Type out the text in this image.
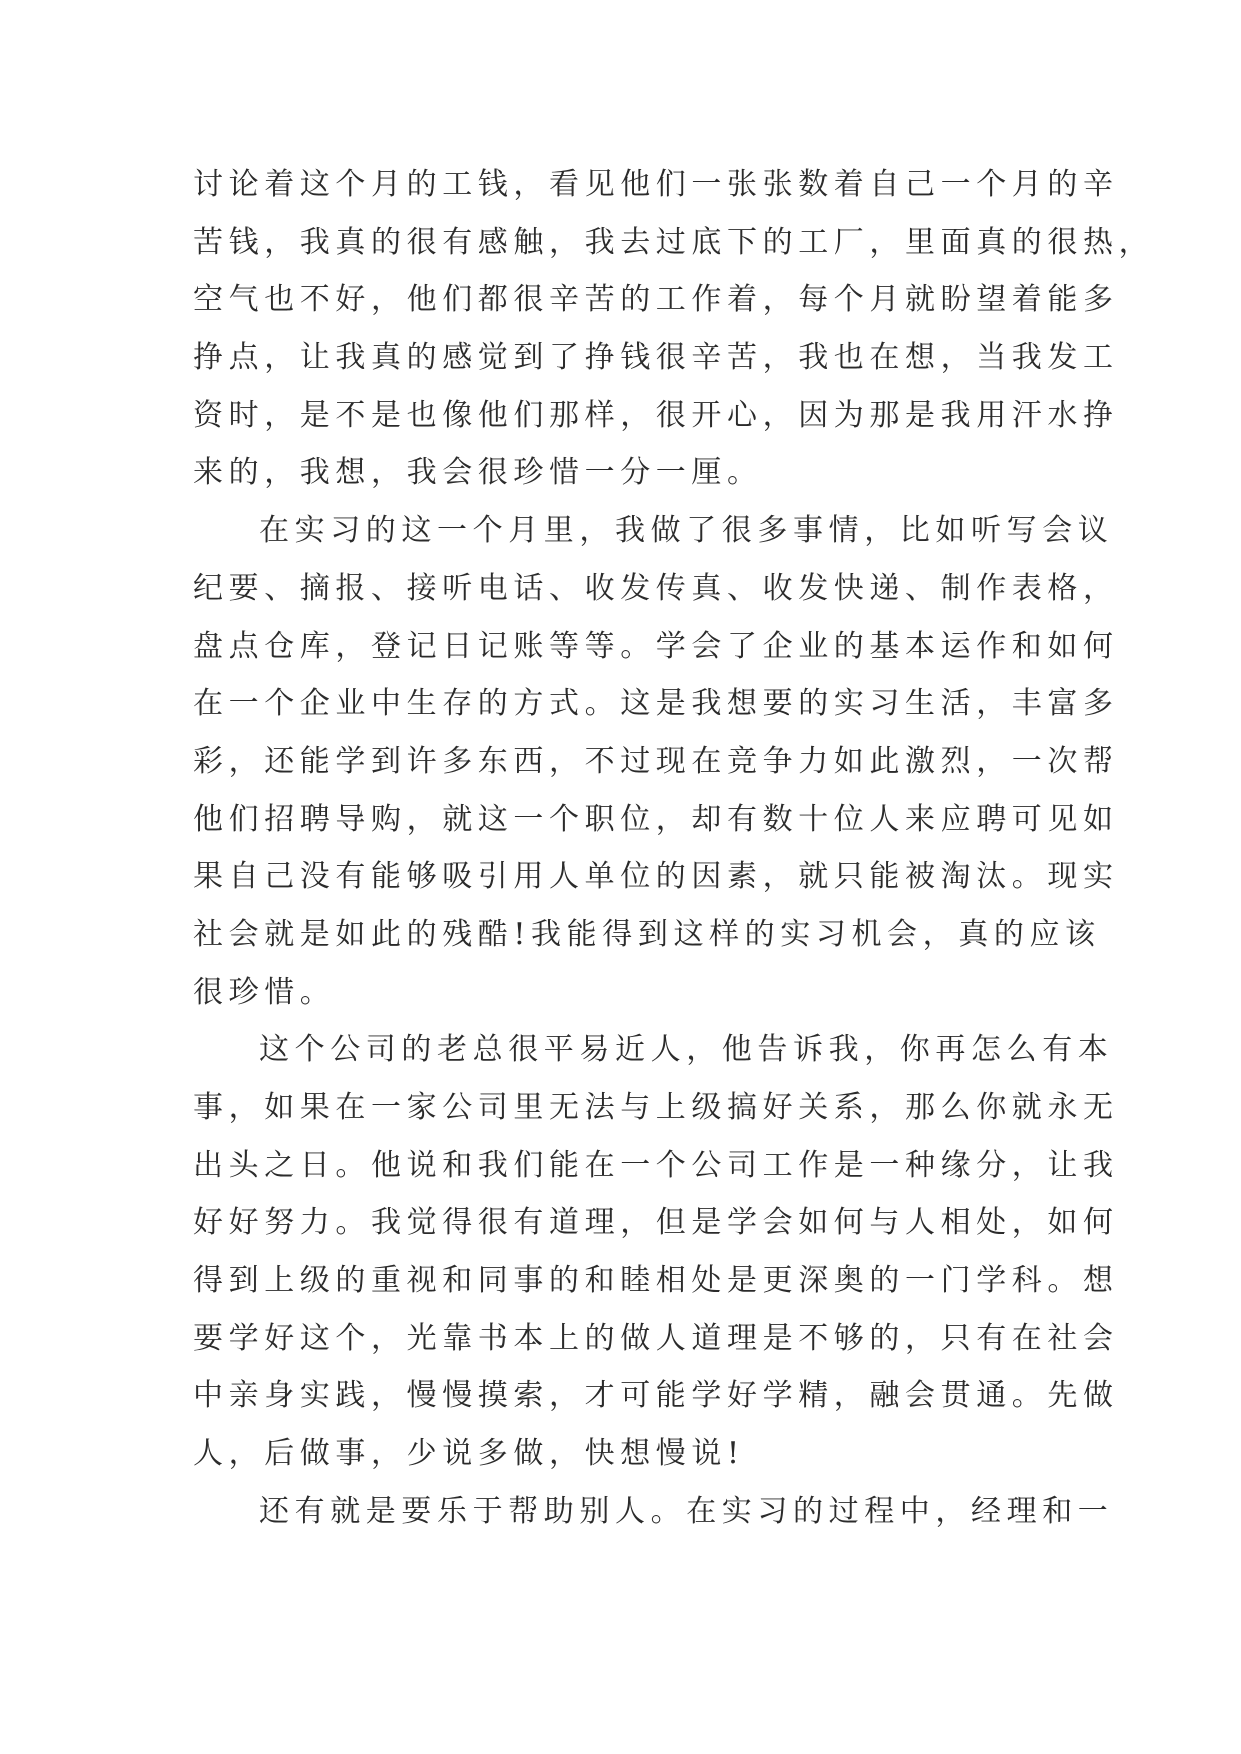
讨论着这个月的工钱，看见他们一张张数着自己一个月的辛
苦钱，我真的很有感触，我去过底下的工厂，里面真的很热，
空气也不好，他们都很辛苦的工作着，每个月就盼望着能多
挣点，让我真的感觉到了挣钱很辛苦，我也在想，当我发工
资时，是不是也像他们那样，很开心，因为那是我用汗水挣
来的，我想，我会很珍惜一分一厘。
在实习的这一个月里，我做了很多事情，比如听写会议
纪要、摘报、接听电话、收发传真、收发快递、制作表格，
盘点仓库，登记日记账等等。学会了企业的基本运作和如何
在一个企业中生存的方式。这是我想要的实习生活，丰富多
彩，还能学到许多东西，不过现在竞争力如此激烈，一次帮
他们招聘导购，就这一个职位，却有数十位人来应聘可见如
果自己没有能够吸引用人单位的因素，就只能被淘汰。现实
社会就是如此的残酷!我能得到这样的实习机会，真的应该
很珍惜。
这个公司的老总很平易近人，他告诉我，你再怎么有本
事，如果在一家公司里无法与上级搞好关系，那么你就永无
出头之日。他说和我们能在一个公司工作是一种缘分，让我
好好努力。我觉得很有道理，但是学会如何与人相处，如何
得到上级的重视和同事的和睦相处是更深奥的一门学科。想
要学好这个，光靠书本上的做人道理是不够的，只有在社会
中亲身实践，慢慢摸索，才可能学好学精，融会贯通。先做
人，后做事，少说多做，快想慢说!
还有就是要乐于帮助别人。在实习的过程中，经理和一
